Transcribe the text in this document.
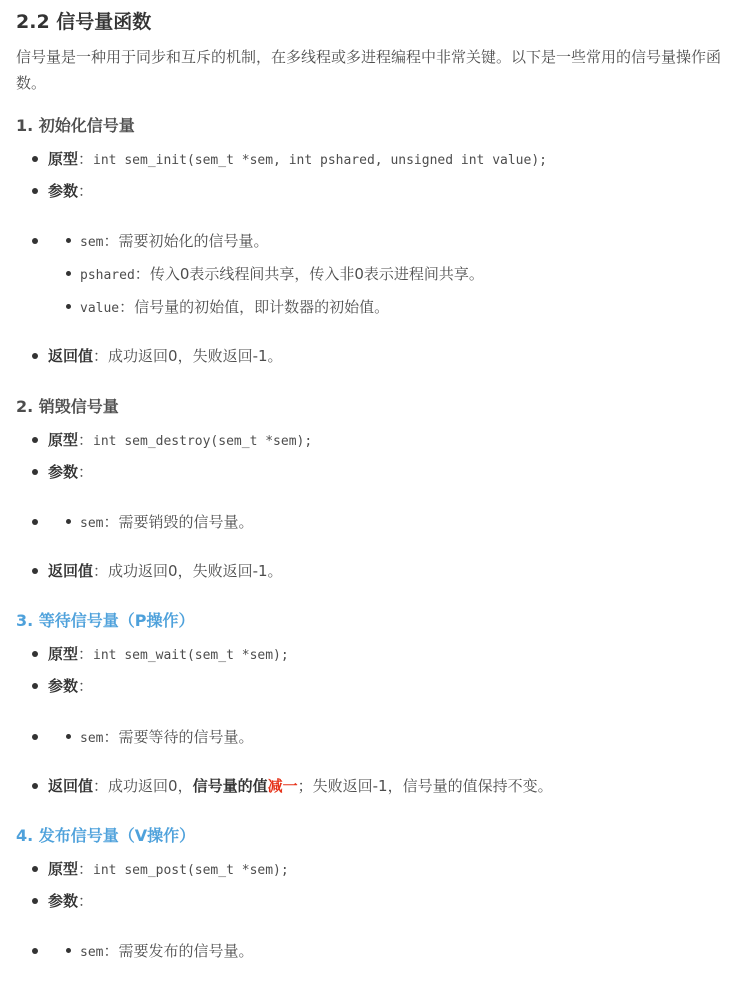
2.2 信号量函数
信号量是一种用于同步和互斥的机制，在多线程或多进程编程中非常关键。以下是一些常用的信号量操作函数。
1. 初始化信号量
原型：int sem_init(sem_t *sem, int pshared, unsigned int value);
参数：
sem：需要初始化的信号量。
pshared：传入0表示线程间共享，传入非0表示进程间共享。
value：信号量的初始值，即计数器的初始值。
返回值：成功返回0，失败返回-1。
2. 销毁信号量
原型：int sem_destroy(sem_t *sem);
参数：
sem：需要销毁的信号量。
返回值：成功返回0，失败返回-1。
3. 等待信号量（P操作）
原型：int sem_wait(sem_t *sem);
参数：
sem：需要等待的信号量。
返回值：成功返回0，信号量的值减一；失败返回-1，信号量的值保持不变。
4. 发布信号量（V操作）
原型：int sem_post(sem_t *sem);
参数：
sem：需要发布的信号量。
